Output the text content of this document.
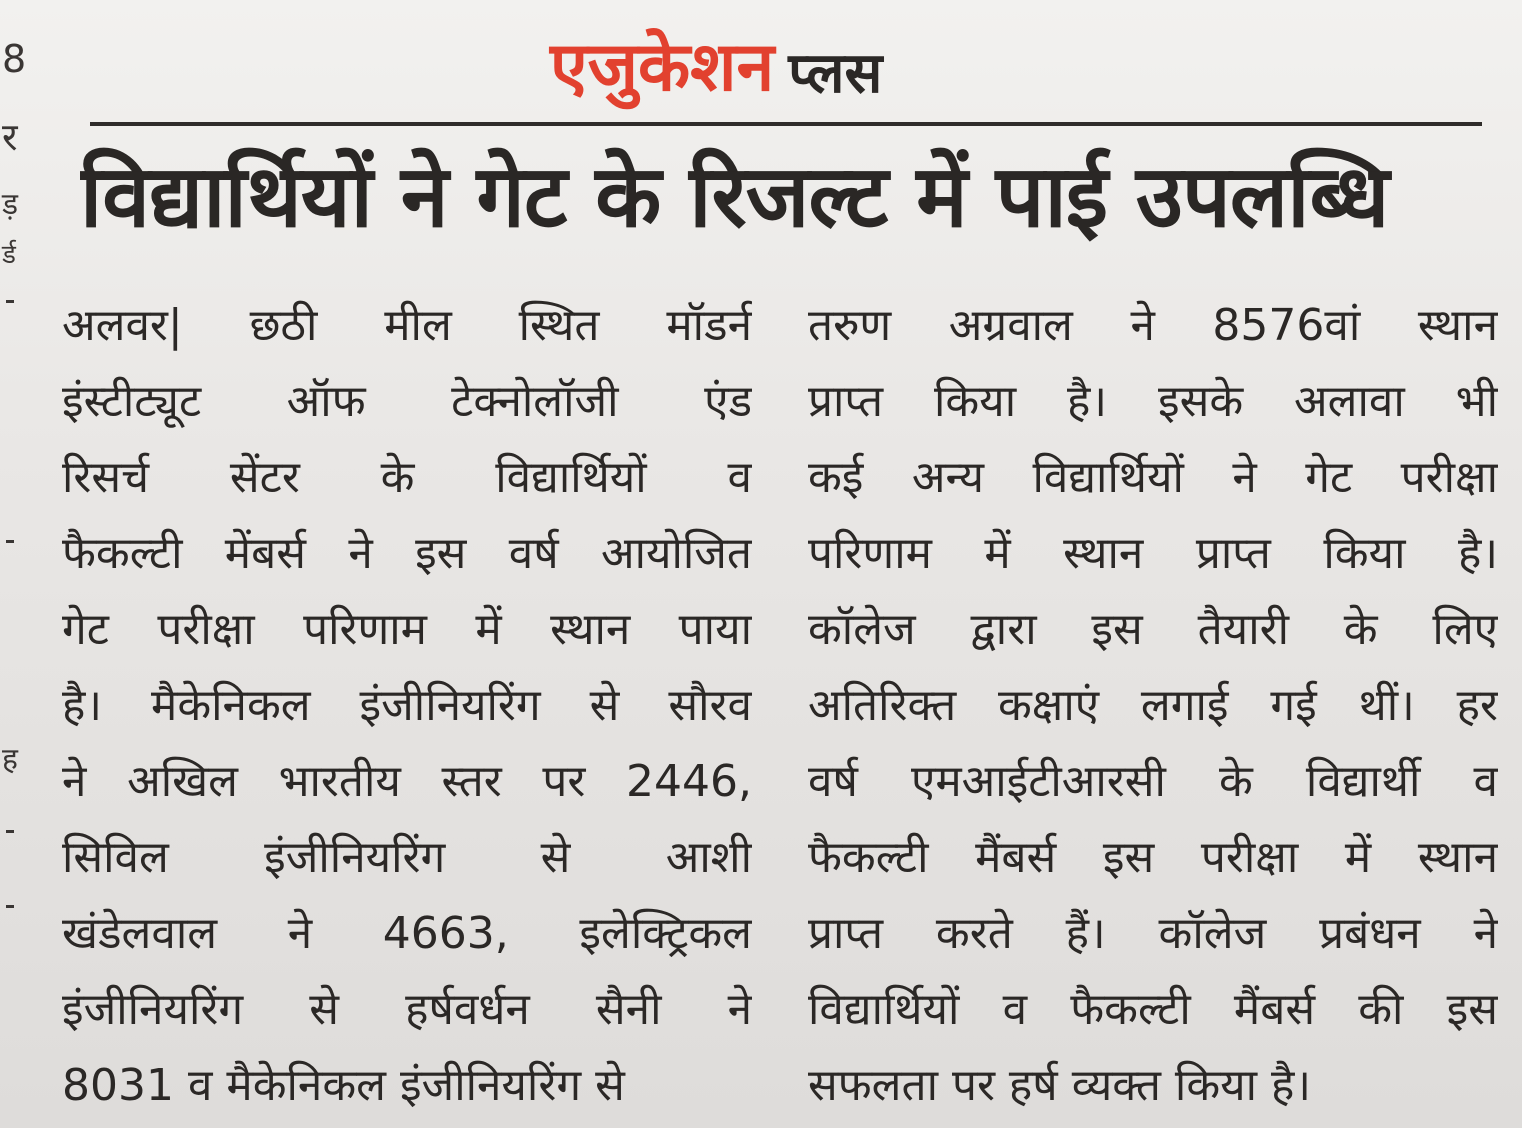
8
र
ड़
र्ड
ह
एजुकेशन प्लस
विद्यार्थियों ने गेट के रिजल्ट में पाई उपलब्धि
अलवर| छठी मील स्थित मॉडर्न
इंस्टीट्यूट ऑफ टेक्नोलॉजी एंड
रिसर्च सेंटर के विद्यार्थियों व
फैकल्टी मेंबर्स ने इस वर्ष आयोजित
गेट परीक्षा परिणाम में स्थान पाया
है। मैकेनिकल इंजीनियरिंग से सौरव
ने अखिल भारतीय स्तर पर 2446,
सिविल इंजीनियरिंग से आशी
खंडेलवाल ने 4663, इलेक्ट्रिकल
इंजीनियरिंग से हर्षवर्धन सैनी ने
8031 व मैकेनिकल इंजीनियरिंग से
तरुण अग्रवाल ने 8576वां स्थान
प्राप्त किया है। इसके अलावा भी
कई अन्य विद्यार्थियों ने गेट परीक्षा
परिणाम में स्थान प्राप्त किया है।
कॉलेज द्वारा इस तैयारी के लिए
अतिरिक्त कक्षाएं लगाई गई थीं। हर
वर्ष एमआईटीआरसी के विद्यार्थी व
फैकल्टी मैंबर्स इस परीक्षा में स्थान
प्राप्त करते हैं। कॉलेज प्रबंधन ने
विद्यार्थियों व फैकल्टी मैंबर्स की इस
सफलता पर हर्ष व्यक्त किया है।
